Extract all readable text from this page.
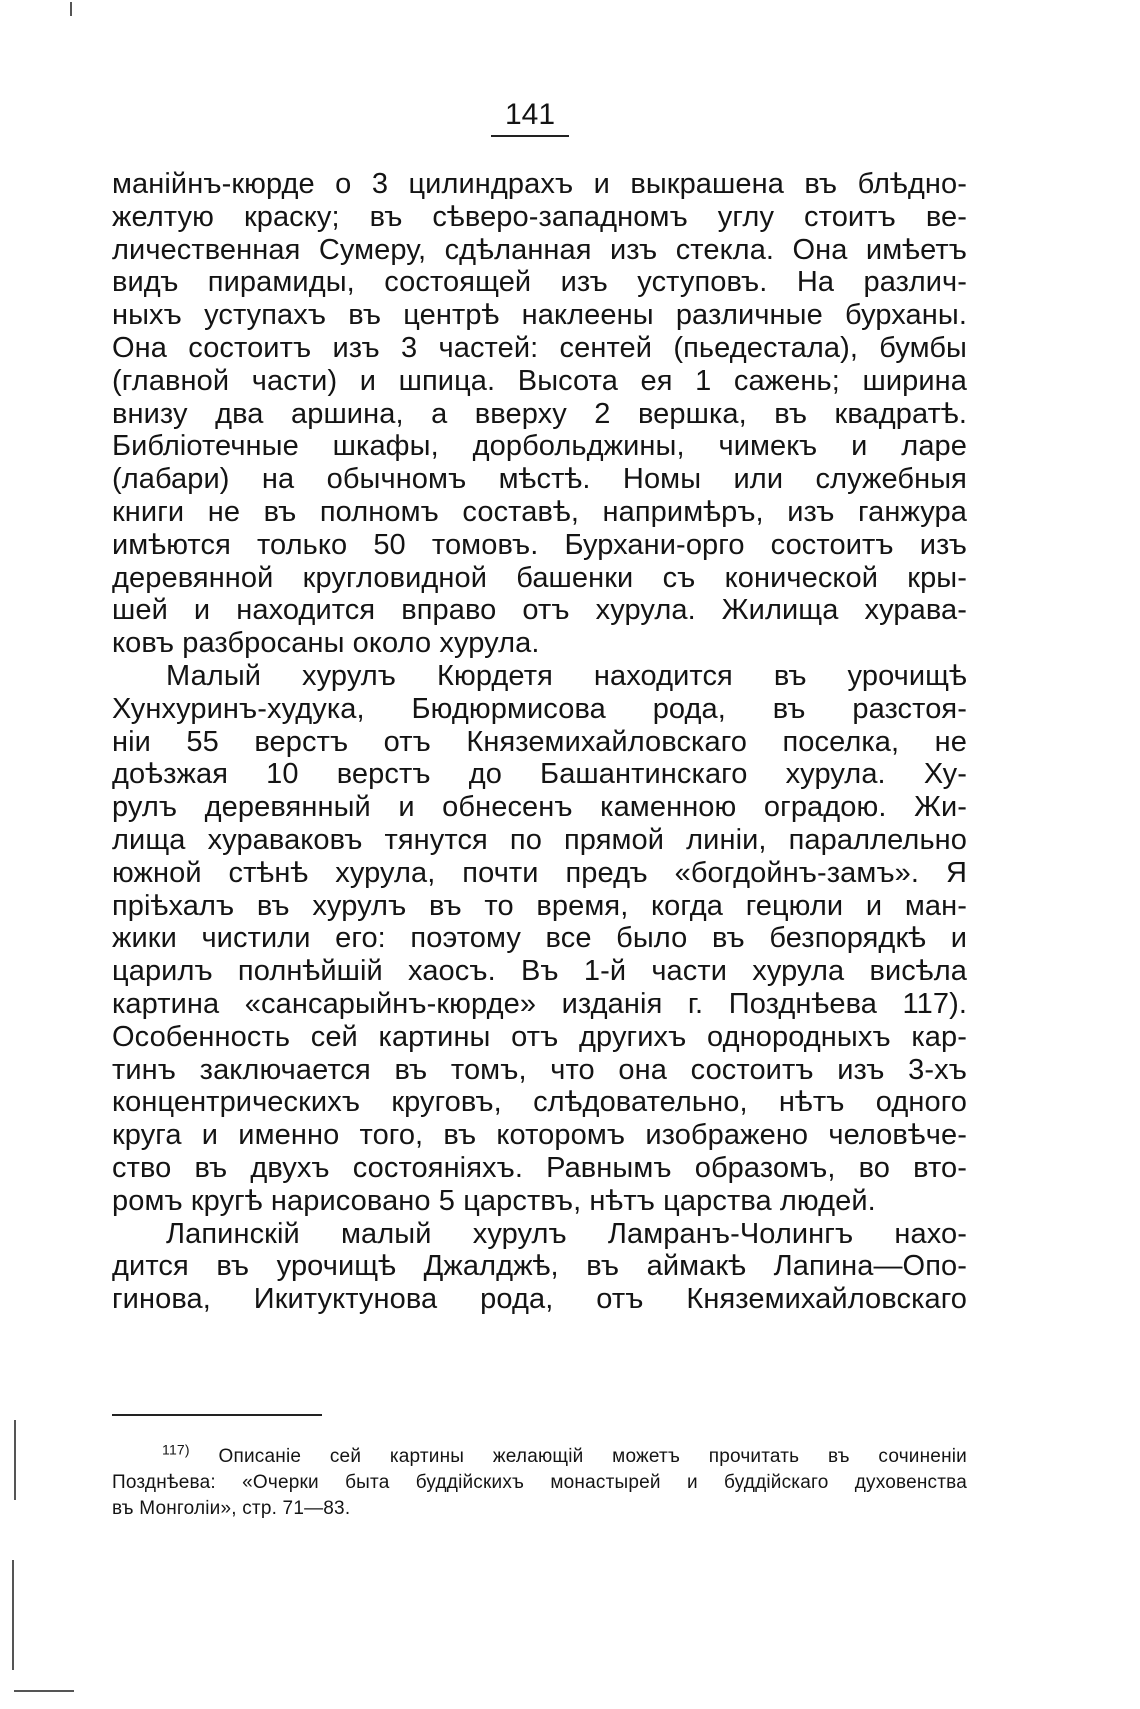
141
манійнъ-кюрде о 3 цилиндрахъ и выкрашена въ блѣдно-
желтую краску; въ сѣверо-западномъ углу стоитъ ве-
личественная Сумеру, сдѣланная изъ стекла. Она имѣетъ
видъ пирамиды, состоящей изъ уступовъ. На различ-
ныхъ уступахъ въ центрѣ наклеены различные бурханы.
Она состоитъ изъ 3 частей: сентей (пьедестала), бумбы
(главной части) и шпица. Высота ея 1 сажень; ширина
внизу два аршина, а вверху 2 вершка, въ квадратѣ.
Библіотечные шкафы, дорбольджины, чимекъ и ларе
(лабари) на обычномъ мѣстѣ. Номы или служебныя
книги не въ полномъ составѣ, напримѣръ, изъ ганжура
имѣются только 50 томовъ. Бурхани-орго состоитъ изъ
деревянной кругловидной башенки съ конической кры-
шей и находится вправо отъ хурула. Жилища хурава-
ковъ разбросаны около хурула.
Малый хурулъ Кюрдетя находится въ урочищѣ
Хунхуринъ-худука, Бюдюрмисова рода, въ разстоя-
ніи 55 верстъ отъ Княземихайловскаго поселка, не
доѣзжая 10 верстъ до Башантинскаго хурула. Ху-
рулъ деревянный и обнесенъ каменною оградою. Жи-
лища хураваковъ тянутся по прямой линіи, параллельно
южной стѣнѣ хурула, почти предъ «богдойнъ-замъ». Я
пріѣхалъ въ хурулъ въ то время, когда гецюли и ман-
жики чистили его: поэтому все было въ безпорядкѣ и
царилъ полнѣйшій хаосъ. Въ 1-й части хурула висѣла
картина «сансарыйнъ-кюрде» изданія г. Позднѣева 117).
Особенность сей картины отъ другихъ однородныхъ кар-
тинъ заключается въ томъ, что она состоитъ изъ 3-хъ
концентрическихъ круговъ, слѣдовательно, нѣтъ одного
круга и именно того, въ которомъ изображено человѣче-
ство въ двухъ состояніяхъ. Равнымъ образомъ, во вто-
ромъ кругѣ нарисовано 5 царствъ, нѣтъ царства людей.
Лапинскій малый хурулъ Ламранъ-Чолингъ нахо-
дится въ урочищѣ Джалджѣ, въ аймакѣ Лапина—Опо-
гинова, Икитуктунова рода, отъ Княземихайловскаго
$^{117)}$ Описаніе сей картины желающій можетъ прочитать въ сочиненіи
Позднѣева: «Очерки быта буддійскихъ монастырей и буддійскаго духовенства
въ Монголіи», стр. 71—83.
